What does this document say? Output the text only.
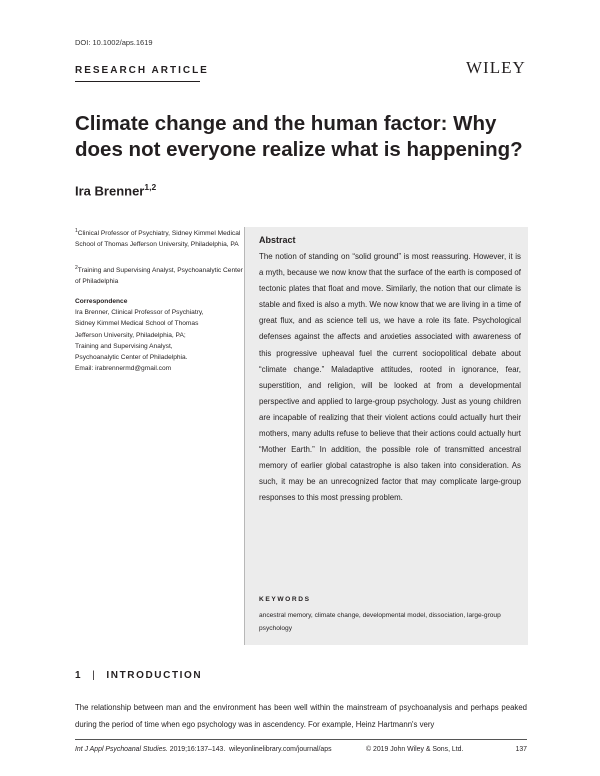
DOI: 10.1002/aps.1619
RESEARCH ARTICLE	WILEY
Climate change and the human factor: Why does not everyone realize what is happening?
Ira Brenner$^{1,2}$
$^1$Clinical Professor of Psychiatry, Sidney Kimmel Medical School of Thomas Jefferson University, Philadelphia, PA
$^2$Training and Supervising Analyst, Psychoanalytic Center of Philadelphia
Correspondence
Ira Brenner, Clinical Professor of Psychiatry,
Sidney Kimmel Medical School of Thomas
Jefferson University, Philadelphia, PA;
Training and Supervising Analyst,
Psychoanalytic Center of Philadelphia.
Email: irabrennermd@gmail.com
Abstract
The notion of standing on “solid ground” is most reassuring. However, it is a myth, because we now know that the surface of the earth is composed of tectonic plates that float and move. Similarly, the notion that our climate is stable and fixed is also a myth. We now know that we are living in a time of great flux, and as science tell us, we have a role its fate. Psychological defenses against the affects and anxieties associated with awareness of this progressive upheaval fuel the current sociopolitical debate about “climate change.” Maladaptive attitudes, rooted in ignorance, fear, superstition, and religion, will be looked at from a developmental perspective and applied to large-group psychology. Just as young children are incapable of realizing that their violent actions could actually hurt their mothers, many adults refuse to believe that their actions could actually hurt “Mother Earth.” In addition, the possible role of transmitted ancestral memory of earlier global catastrophe is also taken into consideration. As such, it may be an unrecognized factor that may complicate large-group responses to this most pressing problem.
KEYWORDS
ancestral memory, climate change, developmental model, dissociation, large-group psychology
1 | INTRODUCTION
The relationship between man and the environment has been well within the mainstream of psychoanalysis and perhaps peaked during the period of time when ego psychology was in ascendency. For example, Heinz Hartmann's very
Int J Appl Psychoanal Studies. 2019;16:137–143. wileyonlinelibrary.com/journal/aps	© 2019 John Wiley & Sons, Ltd.	137
